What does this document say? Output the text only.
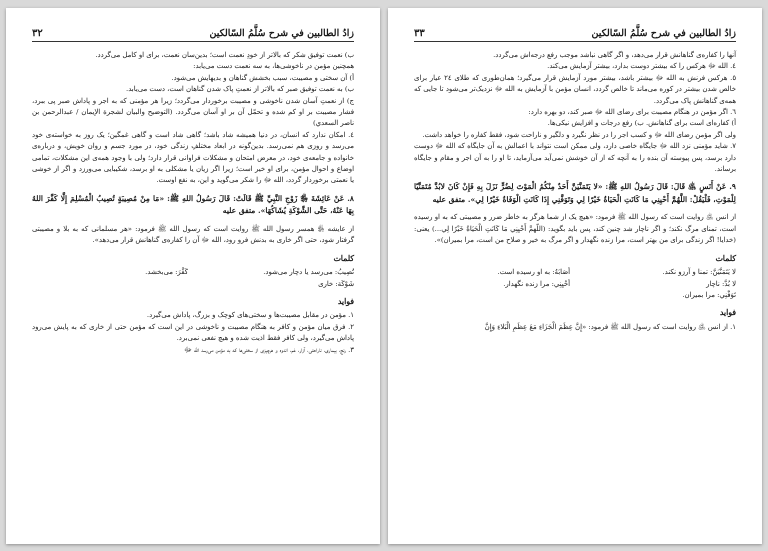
زادُ الطالبين في شرح سُلَّمُ السّالكين
۳۲

ب) نعمت توفیق شکر که بالاتر از خودِ نعمت است؛ بدین‌سان نعمت، برای او کامل می‌گردد.

همچنین مؤمن در ناخوشی‌ها، به سه نعمت دست می‌یابد:

أ) آن سختی و مصیبت، سبب بخشش گناهان و بدیهایش می‌شود.

ب) به نعمت توفیق صبر که بالاتر از نعمتِ پاک شدن گناهان است، دست می‌یابد.

ج) از نعمتِ آسان شدن ناخوشی و مصیبت برخوردار می‌گردد؛ زیرا هر مؤمنی که به اجر و پاداش صبر پی ببرد، فشار مصیبت بر او کم شده و تحمّل آن بر او آسان می‌گردد. (التوضیح والبیان لشجرة الإیمان / عبدالرحمن بن ناصر السعدي)

٤. امکان ندارد که انسان، در دنیا همیشه شاد باشد؛ گاهی شاد است و گاهی غمگین؛ یک روز به خواسته‌ی خود می‌رسد و روزی هم نمی‌رسد. بدین‌گونه در ابعاد مختلفِ زندگی خود، در مورد جسم و روان خویش، و درباره‌ی خانواده و جامعه‌ی خود، در معرض امتحان و مشکلات فراوانی قرار دارد؛ ولی با وجود همه‌ی این مشکلات، تمامی اوضاع و احوال مؤمن، برای او خیر است؛ زیرا اگر زیان یا مشکلی به او برسد، شکیبایی می‌ورزد و اگر از خوشی یا نعمتی برخوردار گردد، الله ﷻ را شکر می‌گوید و این، به نفع اوست.

٨. عَنْ عَائِشَةَ ﵂ زَوْجِ النَّبِيِّ ﷺ قَالَتْ: قَالَ رَسُولُ اللهِ ﷺ: «مَا مِنْ مُصِيبَةٍ تُصِيبُ الْمُسْلِمَ إِلَّا كَفَّرَ اللهُ بِهَا عَنْهُ، حَتَّى الشَّوْكَةِ يُشَاكُهَا». متفق علیه

از عایشه ﵂ همسر رسول الله ﷺ روایت است که رسول الله ﷺ فرمود: «هر مسلمانی که به بلا و مصیبتی گرفتار شود، حتی اگر خاری به بدنش فرو رود، الله ﷻ آن را کفاره‌ی گناهانش قرار می‌دهد».

کلمات
تُصِيبُ: می‌رسد یا دچار می‌شود.
كَفَّرَ: می‌بخشد.
شَوْكَة: خاری
فواید

١. مؤمن در مقابل مصیبت‌ها و سختی‌های کوچک و بزرگ، پاداش می‌گیرد.

٢. فرق میان مؤمن و کافر به هنگام مصیبت و ناخوشی در این است که مؤمن حتی از خاری که به پایش می‌رود پاداش می‌گیرد، ولی کافر فقط اذیت شده و هیچ نفعی نمی‌برد.

٣. رنج، بیماری، ناراحتی، آزار، غم، اندوه و هرچیزی از سختی‌ها که به مؤمن می‌رسد الله ﷻ

زادُ الطالبين في شرح سُلَّمُ السّالكين
۳۳

آنها را کفاره‌ی گناهانش قرار می‌دهد، و اگر گاهی نباشد موجب رفع درجه‌اش می‌گردد.

٤. الله ﷻ هرکس را که بیشتر دوست بدارد، بیشتر آزمایش می‌کند.

٥. هرکس فرنش به الله ﷻ بیشتر باشد، بیشتر مورد آزمایش قرار می‌گیرد؛ همان‌طوری که طلای ٢٤ عیار برای خالص شدن بیشتر در کوره می‌ماند تا خالص گردد، انسان مؤمن با آزمایش به الله ﷻ نزدیک‌تر می‌شود تا جایی که همه‌ی گناهانش پاک می‌گردد.

٦. اگر مؤمن در هنگام مصیبت برای رضای الله ﷻ صبر کند، دو بهره دارد:

أ) کفاره‌ای است برای گناهانش. ب) رفع درجات و افزایش نیکی‌ها.

ولی اگر مؤمن رضای الله ﷻ و کسب اجر را در نظر نگیرد و دلگیر و ناراحت شود، فقط کفاره را خواهد داشت.

٧. شاید مؤمنی نزد الله ﷻ جایگاه خاصی دارد، ولی ممکن است نتواند با اعمالش به آن جایگاه که الله ﷻ دوست دارد برسد، پس پیوسته آن بنده را به آنچه که از آن خوشش نمی‌آید می‌آزماید، تا او را به آن اجر و مقام و جایگاه برساند.

٩. عَنْ أَنَسٍ ﵁ قَالَ: قَالَ رَسُولُ اللهِ ﷺ: «لا يَتَمَنَّيَنَّ أَحَدٌ مِنْكُمُ الْمَوْتَ لِضُرٍّ نَزَلَ بِهِ فَإِنْ كَانَ لابُدَّ مُتَمَنِّيًا لِلْمَوْتِ، فَلْيَقُلْ: اللَّهُمَّ أَحْيِنِي مَا كَانَتِ الْحَيَاةُ خَيْرًا لِي وَتَوَفَّنِي إِذَا كَانَتِ الْوَفَاةُ خَيْرًا لِي». متفق علیه

از انس ﵁ روایت است که رسول الله ﷺ فرمود: «هیچ یک از شما هرگز به خاطر ضرر و مصیبتی که به او رسیده است، تمنای مرگ نکند؛ و اگر ناچار شد چنین کند، پس باید بگوید: (اللّهمَّ أَحْيِنِي مَا كَانَتِ الْحَيَاةُ خَيْرًا لِي...) یعنی: (خدایا! اگر زندگی برای من بهتر است، مرا زنده نگهدار و اگر مرگ به خیر و صلاح من است، مرا بمیران)».

کلمات
لا يَتَمَنَّيَنَّ: تمنا و آرزو نکند.
أَصَابَهُ: به او رسیده است.
لا بُدَّ: ناچار
أَحْيِنِي: مرا زنده نگهدار.
تَوَفَّنِي: مرا بمیران.
فواید

١. از انس ﵁ روایت است که رسول الله ﷺ فرمود: «إِنَّ عِظَمَ الْجَزَاءِ مَعَ عِظَمِ الْبَلاءِ وَإِنَّ
